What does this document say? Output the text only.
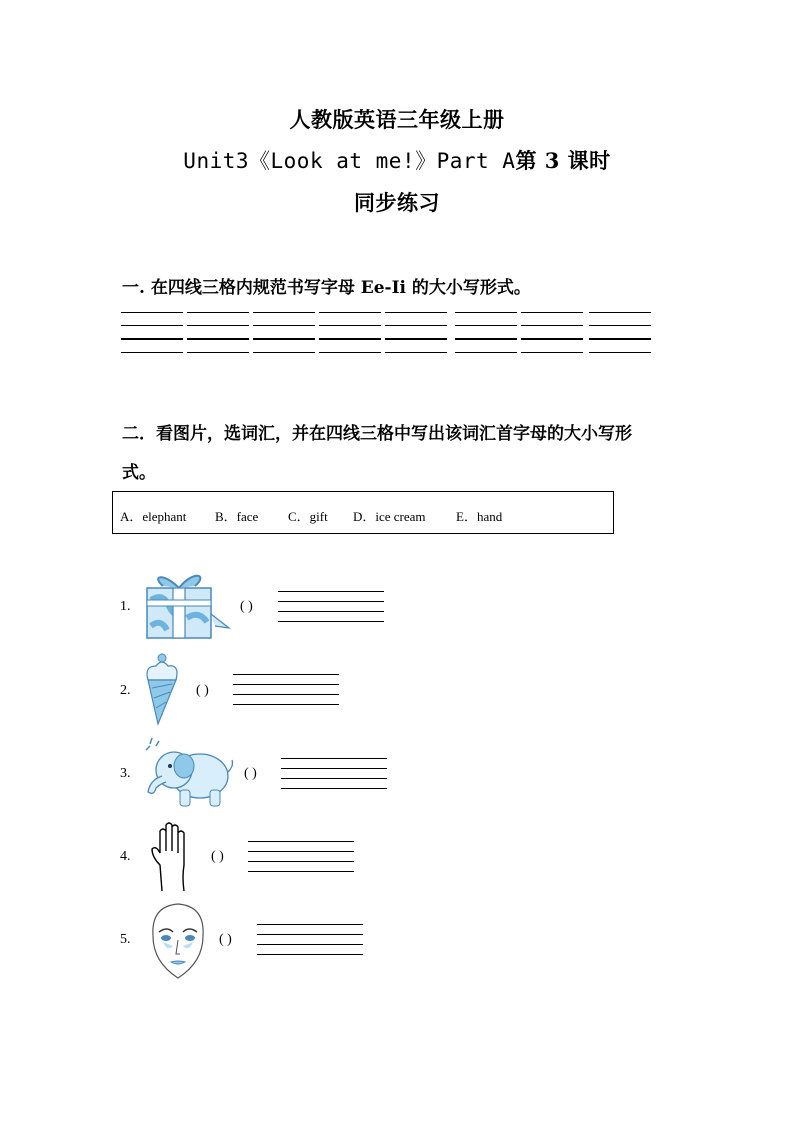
人教版英语三年级上册
Unit3《Look at me!》Part A第 3 课时
同步练习
一. 在四线三格内规范书写字母 Ee-Ii 的大小写形式。
二．看图片，选词汇，并在四线三格中写出该词汇首字母的大小写形
式。
A．elephant B．face C．gift D．ice cream E．hand
1.	( )
2.	( )
3.	( )
4.	( )
5.	( )
